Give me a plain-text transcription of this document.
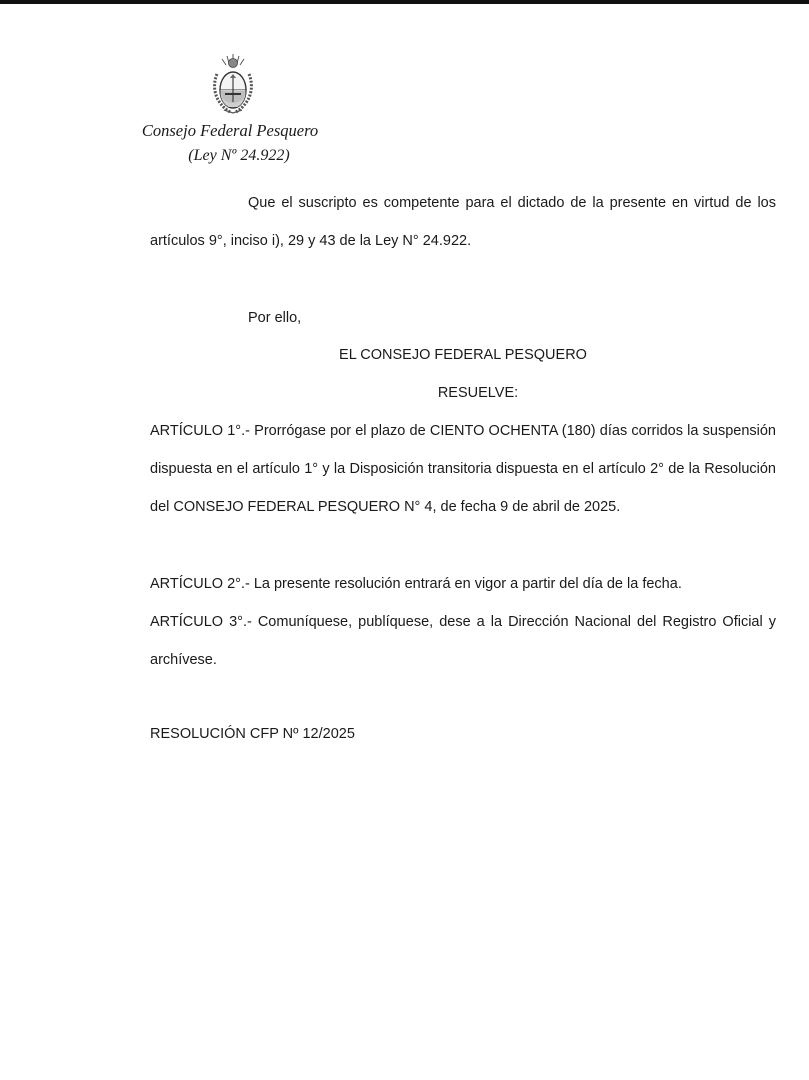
Consejo Federal Pesquero
(Ley Nº 24.922)
Que el suscripto es competente para el dictado de la presente en virtud de los artículos 9°, inciso i), 29 y 43 de la Ley N° 24.922.
Por ello,
EL CONSEJO FEDERAL PESQUERO
RESUELVE:
ARTÍCULO 1°.- Prorrógase por el plazo de CIENTO OCHENTA (180) días corridos la suspensión dispuesta en el artículo 1° y la Disposición transitoria dispuesta en el artículo 2° de la Resolución del CONSEJO FEDERAL PESQUERO N° 4, de fecha 9 de abril de 2025.
ARTÍCULO 2°.- La presente resolución entrará en vigor a partir del día de la fecha.
ARTÍCULO 3°.- Comuníquese, publíquese, dese a la Dirección Nacional del Registro Oficial y archívese.
RESOLUCIÓN CFP Nº 12/2025
